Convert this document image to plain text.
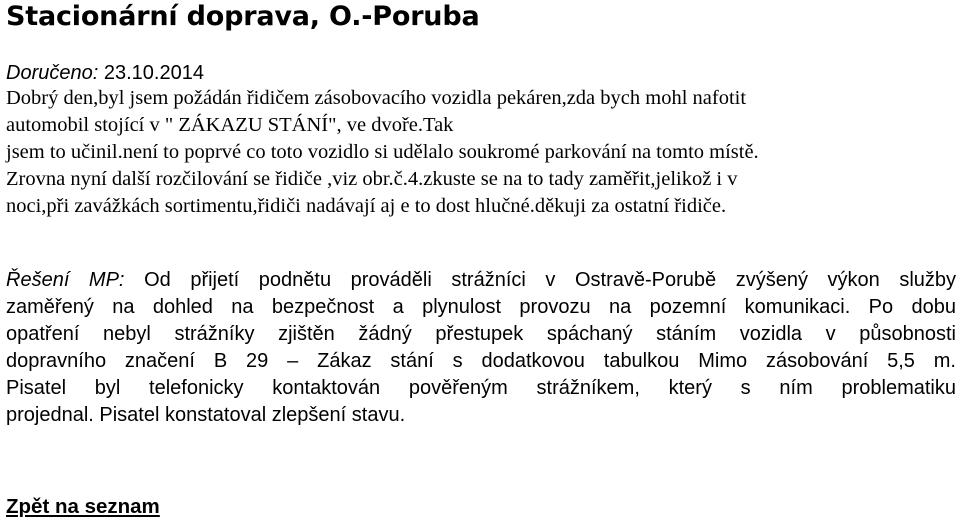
Stacionární doprava, O.-Poruba
Doručeno: 23.10.2014
Dobrý den,byl jsem požádán řidičem zásobovacího vozidla pekáren,zda bych mohl nafotit
automobil stojící v " ZÁKAZU STÁNÍ", ve dvoře.Tak
jsem to učinil.není to poprvé co toto vozidlo si udělalo soukromé parkování na tomto místě.
Zrovna nyní další rozčilování se řidiče ,viz obr.č.4.zkuste se na to tady zaměřit,jelikož i v
noci,při zavážkách sortimentu,řidiči nadávají aj e to dost hlučné.děkuji za ostatní řidiče.
Řešení MP: Od přijetí podnětu prováděli strážníci v Ostravě-Porubě zvýšený výkon služby
zaměřený na dohled na bezpečnost a plynulost provozu na pozemní komunikaci. Po dobu
opatření nebyl strážníky zjištěn žádný přestupek spáchaný stáním vozidla v působnosti
dopravního značení B 29 – Zákaz stání s dodatkovou tabulkou Mimo zásobování 5,5 m.
Pisatel byl telefonicky kontaktován pověřeným strážníkem, který s ním problematiku
projednal. Pisatel konstatoval zlepšení stavu.
Zpět na seznam
